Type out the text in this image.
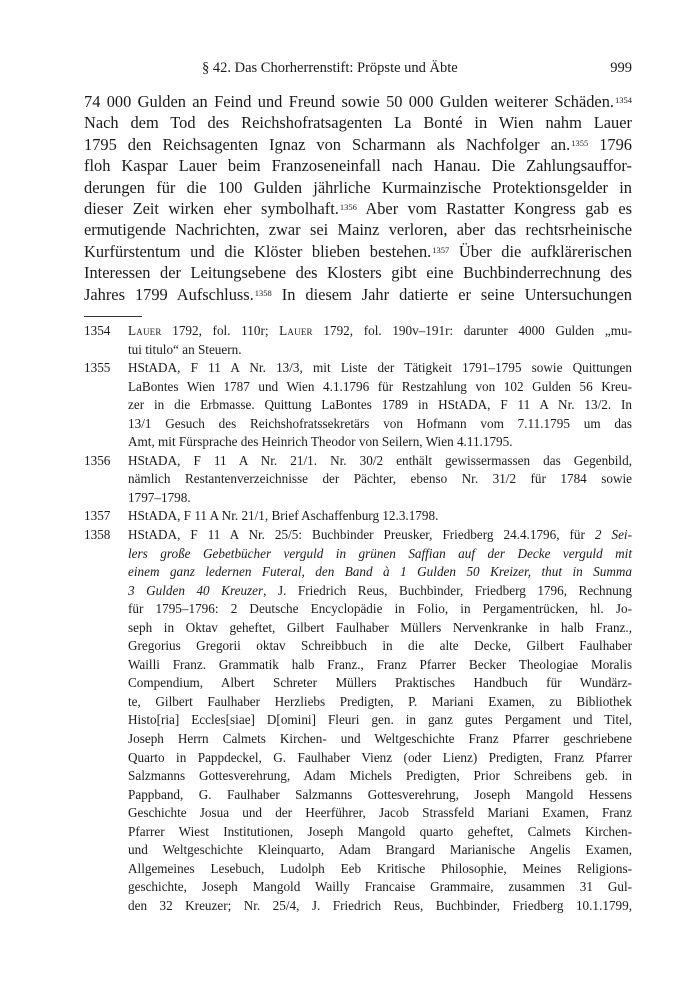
§ 42. Das Chorherrenstift: Pröpste und Äbte	999
74 000 Gulden an Feind und Freund sowie 50 000 Gulden weiterer Schäden.$^{1354}$
Nach dem Tod des Reichshofratsagenten La Bonté in Wien nahm Lauer
1795 den Reichsagenten Ignaz von Scharmann als Nachfolger an.$^{1355}$ 1796
floh Kaspar Lauer beim Franzoseneinfall nach Hanau. Die Zahlungsauffor-
derungen für die 100 Gulden jährliche Kurmainzische Protektionsgelder in
dieser Zeit wirken eher symbolhaft.$^{1356}$ Aber vom Rastatter Kongress gab es
ermutigende Nachrichten, zwar sei Mainz verloren, aber das rechtsrheinische
Kurfürstentum und die Klöster blieben bestehen.$^{1357}$ Über die aufklärerischen
Interessen der Leitungsebene des Klosters gibt eine Buchbinderrechnung des
Jahres 1799 Aufschluss.$^{1358}$ In diesem Jahr datierte er seine Untersuchungen
1354 Lauer 1792, fol. 110r; Lauer 1792, fol. 190v–191r: darunter 4000 Gulden „mu-
tui titulo“ an Steuern.
1355 HStADA, F 11 A Nr. 13/3, mit Liste der Tätigkeit 1791–1795 sowie Quittungen
LaBontes Wien 1787 und Wien 4.1.1796 für Restzahlung von 102 Gulden 56 Kreu-
zer in die Erbmasse. Quittung LaBontes 1789 in HStADA, F 11 A Nr. 13/2. In
13/1 Gesuch des Reichshofratssekretärs von Hofmann vom 7.11.1795 um das
Amt, mit Fürsprache des Heinrich Theodor von Seilern, Wien 4.11.1795.
1356 HStADA, F 11 A Nr. 21/1. Nr. 30/2 enthält gewissermassen das Gegenbild,
nämlich Restantenverzeichnisse der Pächter, ebenso Nr. 31/2 für 1784 sowie
1797–1798.
1357 HStADA, F 11 A Nr. 21/1, Brief Aschaffenburg 12.3.1798.
1358 HStADA, F 11 A Nr. 25/5: Buchbinder Preusker, Friedberg 24.4.1796, für 2 Sei-
lers große Gebetbücher verguld in grünen Saffian auf der Decke verguld mit
einem ganz ledernen Futeral, den Band à 1 Gulden 50 Kreizer, thut in Summa
3 Gulden 40 Kreuzer, J. Friedrich Reus, Buchbinder, Friedberg 1796, Rechnung
für 1795–1796: 2 Deutsche Encyclopädie in Folio, in Pergamentrücken, hl. Jo-
seph in Oktav geheftet, Gilbert Faulhaber Müllers Nervenkranke in halb Franz.,
Gregorius Gregorii oktav Schreibbuch in die alte Decke, Gilbert Faulhaber
Wailli Franz. Grammatik halb Franz., Franz Pfarrer Becker Theologiae Moralis
Compendium, Albert Schreter Müllers Praktisches Handbuch für Wundärz-
te, Gilbert Faulhaber Herzliebs Predigten, P. Mariani Examen, zu Bibliothek
Histo[ria] Eccles[siae] D[omini] Fleuri gen. in ganz gutes Pergament und Titel,
Joseph Herrn Calmets Kirchen- und Weltgeschichte Franz Pfarrer geschriebene
Quarto in Pappdeckel, G. Faulhaber Vienz (oder Lienz) Predigten, Franz Pfarrer
Salzmanns Gottesverehrung, Adam Michels Predigten, Prior Schreibens geb. in
Pappband, G. Faulhaber Salzmanns Gottesverehrung, Joseph Mangold Hessens
Geschichte Josua und der Heerführer, Jacob Strassfeld Mariani Examen, Franz
Pfarrer Wiest Institutionen, Joseph Mangold quarto geheftet, Calmets Kirchen-
und Weltgeschichte Kleinquarto, Adam Brangard Marianische Angelis Examen,
Allgemeines Lesebuch, Ludolph Eeb Kritische Philosophie, Meines Religions-
geschichte, Joseph Mangold Wailly Francaise Grammaire, zusammen 31 Gul-
den 32 Kreuzer; Nr. 25/4, J. Friedrich Reus, Buchbinder, Friedberg 10.1.1799,
